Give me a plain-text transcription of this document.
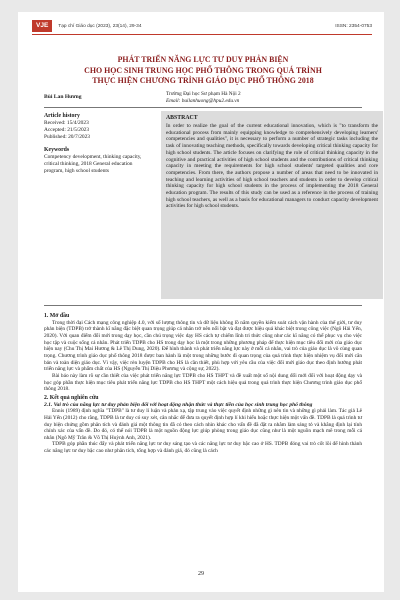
VJE	Tạp chí Giáo dục (2023), 23(14), 29-34	ISSN: 2354-0753
PHÁT TRIỂN NĂNG LỰC TƯ DUY PHẢN BIỆN
CHO HỌC SINH TRUNG HỌC PHỔ THÔNG TRONG QUÁ TRÌNH
THỰC HIỆN CHƯƠNG TRÌNH GIÁO DỤC PHỔ THÔNG 2018
Bùi Lan Hương	Trường Đại học Sư phạm Hà Nội 2
Email: builanhuong@hpu2.edu.vn
Article history
Received: 15/4/2023
Accepted: 21/5/2023
Published: 20/7/2023
Keywords
Competency development, thinking capacity, critical thinking, 2018 General education program, high school students
ABSTRACT

In order to realize the goal of the current educational innovation, which is "to transform the educational process from mainly equipping knowledge to comprehensively developing learners' competencies and qualities", it is necessary to perform a number of strategic tasks including the task of innovating teaching methods, specifically towards developing critical thinking capacity for high school students. The article focuses on clarifying the role of critical thinking capacity in the cognitive and practical activities of high school students and the contributions of critical thinking capacity in meeting the requirements for high school students' targeted qualities and core competencies. From there, the authors propose a number of areas that need to be innovated in teaching and learning activities of high school teachers and students in order to develop critical thinking capacity for high school students in the process of implementing the 2018 General education program. The results of this study can be used as a reference in the process of training high school teachers, as well as a basis for educational managers to conduct capacity development activities for high school students.

1. Mở đầu

Trong thời đại Cách mạng công nghiệp 4.0, với số lượng thông tin và dữ liệu không lồ nằm quyền kiểm soát cách vận hành của thế giới, tư duy phản biện (TDPB) trở thành kĩ năng đặc biệt quan trọng giúp cá nhân trở nên nổi bật và đạt được hiệu quả khác biệt trong công việc (Ngô Hải Yến, 2020). Với quan điểm đổi mới trong dạy học, cần chú trọng việc dạy HS cách tự chiếm lĩnh tri thức cũng như các kĩ năng có thể phục vụ cho việc học tập và cuộc sống cá nhân. Phát triển TDPB cho HS trong dạy học là một trong những phương pháp để thực hiện mục tiêu đổi mới của giáo dục hiện nay (Chu Thị Mai Hương & Lê Thị Dung, 2020). Để hình thành và phát triển năng lực này ở mỗi cá nhân, vai trò của giáo dục là vô cùng quan trọng. Chương trình giáo dục phổ thông 2018 được ban hành là một trong những bước đi quan trọng của quá trình thực hiện nhiệm vụ đổi mới căn bản và toàn diện giáo dục. Vì vậy, việc rèn luyện TDPB cho HS là cần thiết, phù hợp với yêu cầu của việc đổi mới giáo dục theo định hướng phát triển năng lực và phẩm chất của HS (Nguyễn Thị Diệu Phương và cộng sự, 2022).

Bài báo này làm rõ sự cần thiết của việc phát triển năng lực TDPB cho HS THPT và đề xuất một số nội dung đổi mới đối với hoạt động dạy và học góp phần thực hiện mục tiêu phát triển năng lực TDPB cho HS THPT một cách hiệu quả trong quá trình thực hiện Chương trình giáo dục phổ thông 2018.

2. Kết quả nghiên cứu
2.1. Vai trò của năng lực tư duy phản biện đối với hoạt động nhận thức và thực tiễn của học sinh trung học phổ thông

Ennis (1989) định nghĩa "TDPB" là tư duy lí luận và phản xạ, tập trung vào việc quyết định những gì nên tin và những gì phải làm. Tác giả Lê Hải Yến (2012) cho rằng, TDPB là tư duy có suy xét, cân nhắc để đưa ra quyết định hợp lí khi hiểu hoặc thực hiện một vấn đề. TDPB là quá trình tư duy biện chứng gồm phân tích và đánh giá một thông tin đã có theo cách nhìn khác cho vấn đề đã đặt ra nhằm làm sáng tỏ và khẳng định lại tính chính xác của vấn đề. Do đó, có thể nói TDPB là một nguồn động lực giúp phòng trong giáo dục cũng như là một nguồn mạch mẽ trong mỗi cá nhân (Ngô Mỹ Trân & Võ Thị Huỳnh Anh, 2021).

TDPB góp phần thúc đẩy và phát triển năng lực tư duy sáng tạo và các năng lực tư duy bậc cao ở HS. TDPB đóng vai trò cốt lõi để hình thành các năng lực tư duy bậc cao như phân tích, tổng hợp và đánh giá, đó cũng là cách

29
